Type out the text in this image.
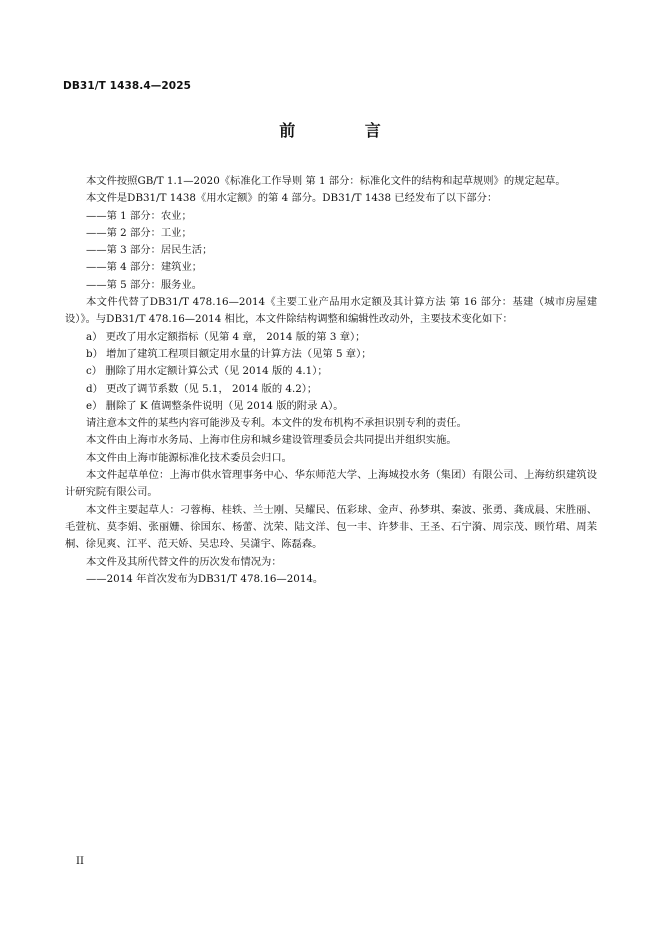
DB31/T 1438.4—2025
前 言

本文件按照GB/T 1.1—2020《标准化工作导则 第 1 部分：标准化文件的结构和起草规则》的规定起草。

本文件是DB31/T 1438《用水定额》的第 4 部分。DB31/T 1438 已经发布了以下部分：

——第 1 部分：农业；

——第 2 部分：工业；

——第 3 部分：居民生活；

——第 4 部分：建筑业；

——第 5 部分：服务业。

本文件代替了DB31/T 478.16—2014《主要工业产品用水定额及其计算方法 第 16 部分：基建（城市房屋建设）》。与DB31/T 478.16—2014 相比，本文件除结构调整和编辑性改动外，主要技术变化如下：

a） 更改了用水定额指标（见第 4 章， 2014 版的第 3 章）；

b） 增加了建筑工程项目额定用水量的计算方法（见第 5 章）；

c） 删除了用水定额计算公式（见 2014 版的 4.1）；

d） 更改了调节系数（见 5.1， 2014 版的 4.2）；

e） 删除了 K 值调整条件说明（见 2014 版的附录 A）。

请注意本文件的某些内容可能涉及专利。本文件的发布机构不承担识别专利的责任。

本文件由上海市水务局、上海市住房和城乡建设管理委员会共同提出并组织实施。

本文件由上海市能源标准化技术委员会归口。

本文件起草单位：上海市供水管理事务中心、华东师范大学、上海城投水务（集团）有限公司、上海纺织建筑设计研究院有限公司。

本文件主要起草人：刁蓉梅、桂轶、兰士刚、吴耀民、伍彩球、金声、孙梦琪、秦波、张勇、龚成晨、宋胜丽、毛萱杭、莫李娟、张丽姗、徐国东、杨蕾、沈荣、陆文洋、包一丰、许梦非、王圣、石宁漪、周宗茂、顾竹珺、周苿桐、徐见爽、江平、范天娇、吴忠玲、吴潇宇、陈磊森。

本文件及其所代替文件的历次发布情况为：

——2014 年首次发布为DB31/T 478.16—2014。

II
